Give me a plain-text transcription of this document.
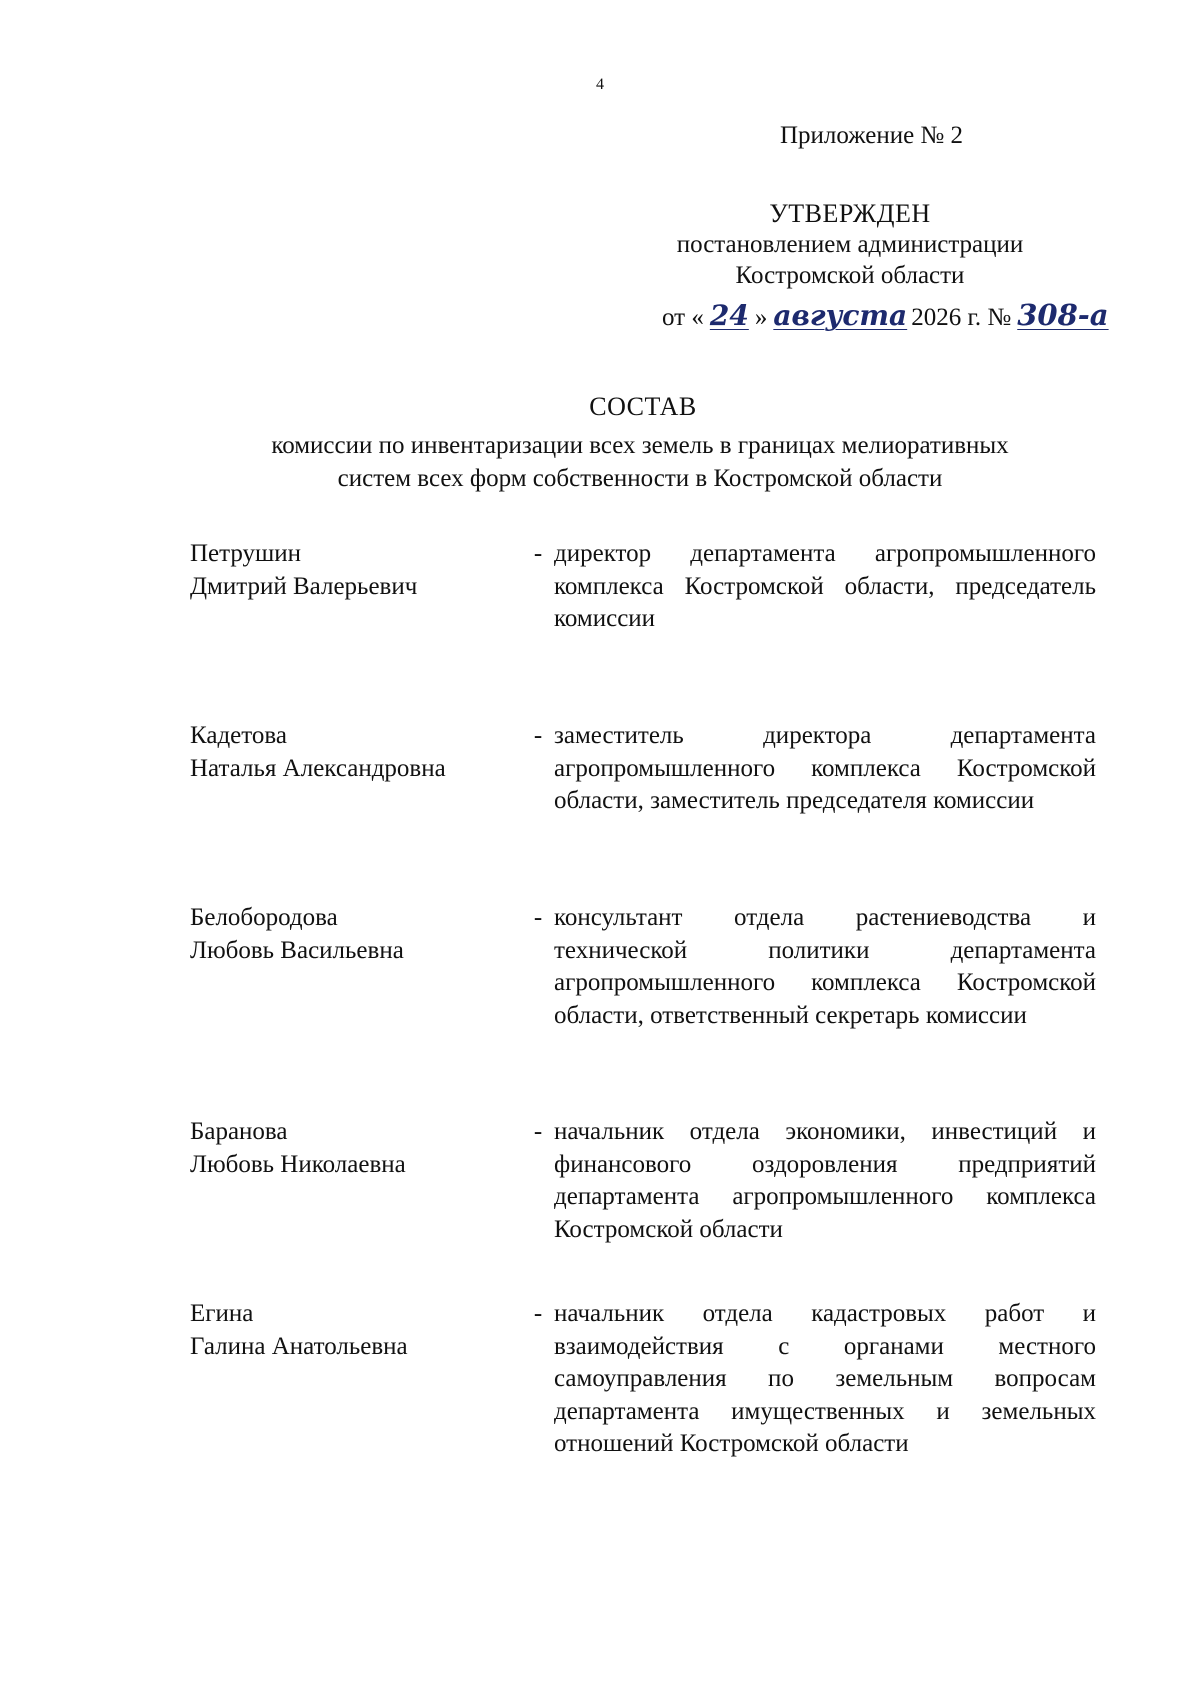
4
Приложение № 2
УТВЕРЖДЕН
постановлением администрации
Костромской области
от « 24 » августа 2026 г. № 308-а
СОСТАВ
комиссии по инвентаризации всех земель в границах мелиоративных
систем всех форм собственности в Костромской области
Петрушин
Дмитрий Валерьевич
- директор департамента агропромышленного комплекса Костромской области, председатель комиссии
Кадетова
Наталья Александровна
- заместитель директора департамента агропромышленного комплекса Костромской области, заместитель председателя комиссии
Белобородова
Любовь Васильевна
- консультант отдела растениеводства и технической политики департамента агропромышленного комплекса Костромской области, ответственный секретарь комиссии
Баранова
Любовь Николаевна
- начальник отдела экономики, инвестиций и финансового оздоровления предприятий департамента агропромышленного комплекса Костромской области
Егина
Галина Анатольевна
- начальник отдела кадастровых работ и взаимодействия с органами местного самоуправления по земельным вопросам департамента имущественных и земельных отношений Костромской области
